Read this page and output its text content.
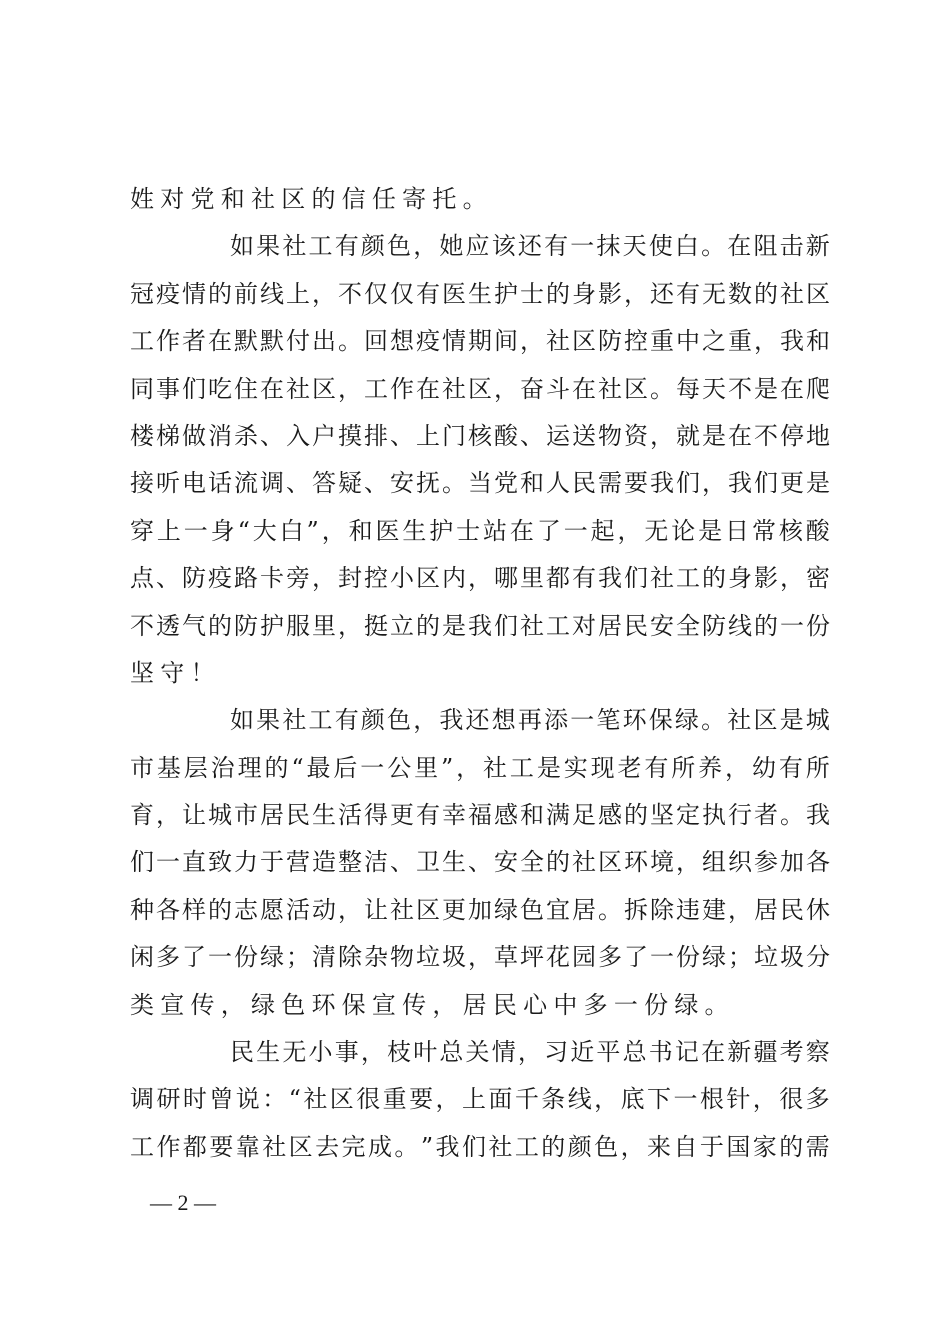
姓对党和社区的信任寄托。
如 果 社 工 有 颜 色 ， 她 应 该 还 有 一 抹 天 使 白 。 在 阻 击 新
冠 疫 情 的 前 线 上 ， 不 仅 仅 有 医 生 护 士 的 身 影 ， 还 有 无 数 的 社 区
工 作 者 在 默 默 付 出 。 回 想 疫 情 期 间 ， 社 区 防 控 重 中 之 重 ， 我 和
同 事 们 吃 住 在 社 区 ， 工 作 在 社 区 ， 奋 斗 在 社 区 。 每 天 不 是 在 爬
楼 梯 做 消 杀 、 入 户 摸 排 、 上 门 核 酸 、 运 送 物 资 ， 就 是 在 不 停 地
接 听 电 话 流 调 、 答 疑 、 安 抚 。 当 党 和 人 民 需 要 我 们 ， 我 们 更 是
穿 上 一 身 “ 大 白 ” ， 和 医 生 护 士 站 在 了 一 起 ， 无 论 是 日 常 核 酸
点 、 防 疫 路 卡 旁 ， 封 控 小 区 内 ， 哪 里 都 有 我 们 社 工 的 身 影 ， 密
不 透 气 的 防 护 服 里 ， 挺 立 的 是 我 们 社 工 对 居 民 安 全 防 线 的 一 份
坚守！
如 果 社 工 有 颜 色 ， 我 还 想 再 添 一 笔 环 保 绿 。 社 区 是 城
市 基 层 治 理 的 “ 最 后 一 公 里 ” ， 社 工 是 实 现 老 有 所 养 ， 幼 有 所
育 ， 让 城 市 居 民 生 活 得 更 有 幸 福 感 和 满 足 感 的 坚 定 执 行 者 。 我
们 一 直 致 力 于 营 造 整 洁 、 卫 生 、 安 全 的 社 区 环 境 ， 组 织 参 加 各
种 各 样 的 志 愿 活 动 ， 让 社 区 更 加 绿 色 宜 居 。 拆 除 违 建 ， 居 民 休
闲 多 了 一 份 绿 ； 清 除 杂 物 垃 圾 ， 草 坪 花 园 多 了 一 份 绿 ； 垃 圾 分
类宣传，绿色环保宣传，居民心中多一份绿。
民 生 无 小 事 ， 枝 叶 总 关 情 ， 习 近 平 总 书 记 在 新 疆 考 察
调 研 时 曾 说 ： “ 社 区 很 重 要 ， 上 面 千 条 线 ， 底 下 一 根 针 ， 很 多
工 作 都 要 靠 社 区 去 完 成 。 ” 我 们 社 工 的 颜 色 ， 来 自 于 国 家 的 需
— 2 —
